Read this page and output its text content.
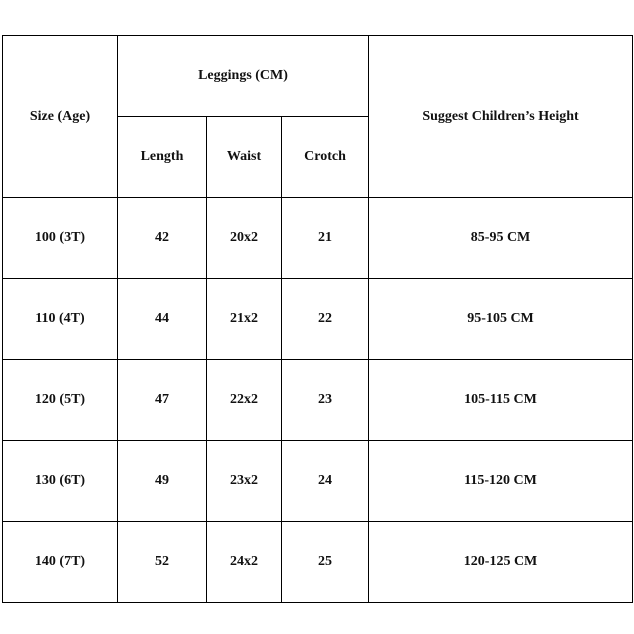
Size (Age)	Leggings (CM)			Suggest Children’s Height
	Length	Waist	Crotch	
100 (3T)	42	20x2	21	85-95 CM
110 (4T)	44	21x2	22	95-105 CM
120 (5T)	47	22x2	23	105-115 CM
130 (6T)	49	23x2	24	115-120 CM
140 (7T)	52	24x2	25	120-125 CM
